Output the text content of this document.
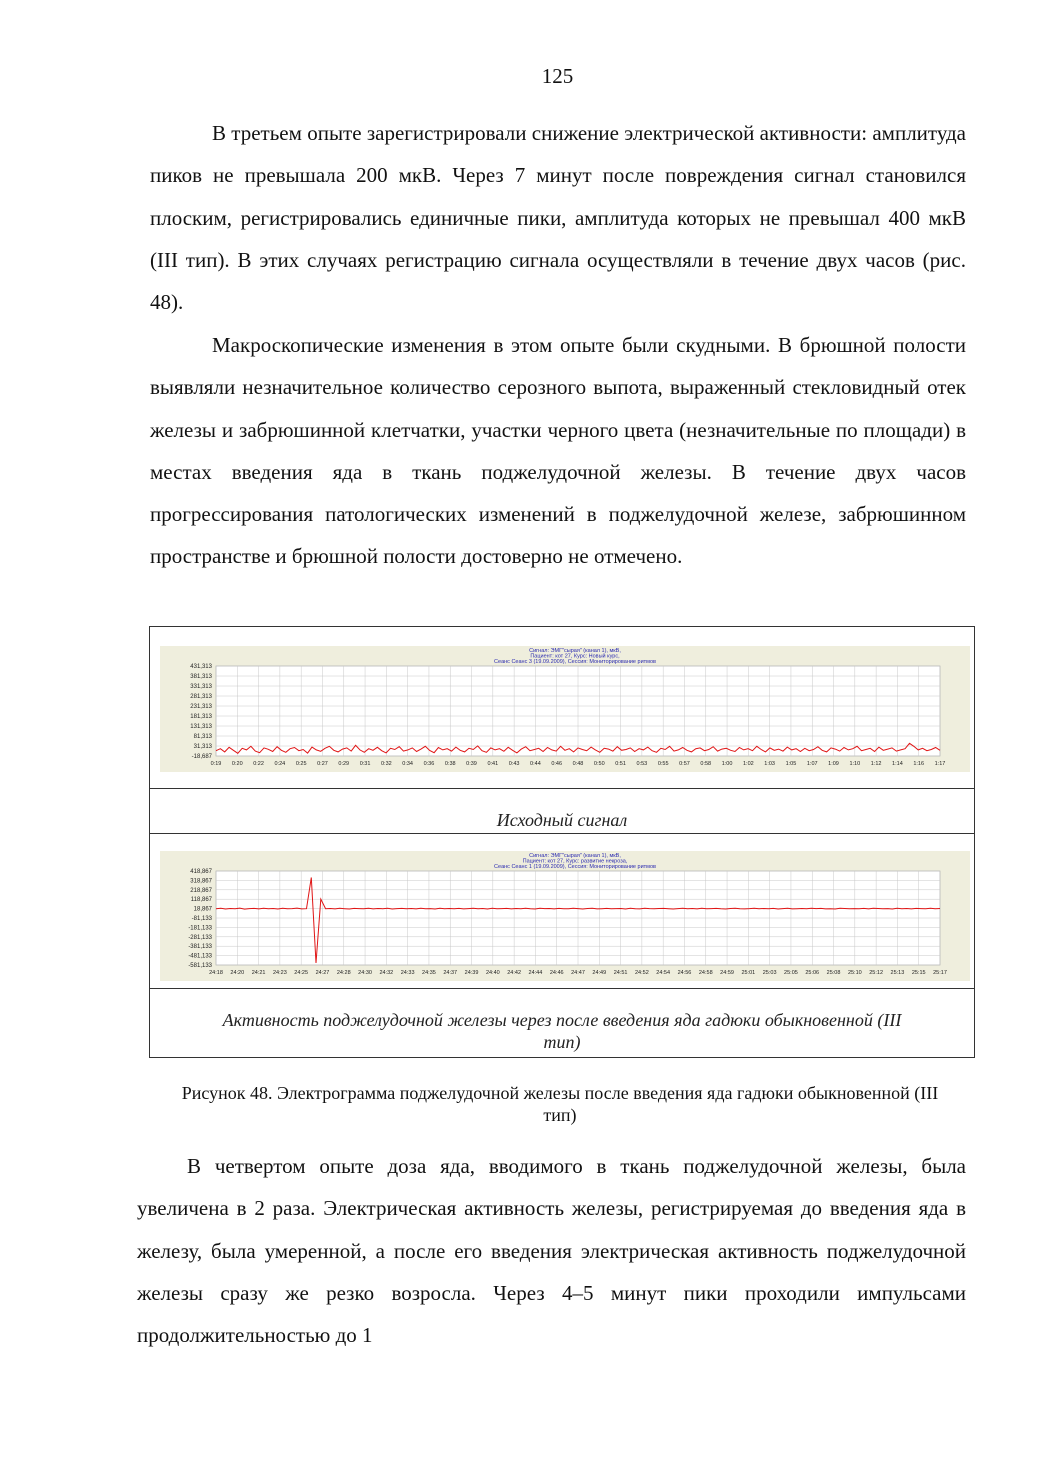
125

В третьем опыте зарегистрировали снижение электрической активности: амплитуда пиков не превышала 200 мкВ. Через 7 минут после повреждения сигнал становился плоским, регистрировались единичные пики, амплитуда которых не превышал 400 мкВ (III тип). В этих случаях регистрацию сигнала осуществляли в течение двух часов (рис. 48).

Макроскопические изменения в этом опыте были скудными. В брюшной полости выявляли незначительное количество серозного выпота, выраженный стекловидный отек железы и забрюшинной клетчатки, участки черного цвета (незначительные по площади) в местах введения яда в ткань поджелудочной железы. В течение двух часов прогрессирования патологических изменений в поджелудочной железе, забрюшинном пространстве и брюшной полости достоверно не отмечено.

Сигнал: ЭМГ"сырая" (канал 1), мкВ,
Пациент: кот 27, Курс: Новый курс,
Сеанс Сеанс 3 (19.09.2009), Сессия: Мониторирование ритмов
431,313
381,313
331,313
281,313
231,313
181,313
131,313
81,313
31,313
-18,687
0:19 0:20 0:22 0:24 0:25 0:27 0:29 0:31 0:32 0:34 0:36 0:38 0:39 0:41 0:43 0:44 0:46 0:48 0:50 0:51 0:53 0:55 0:57 0:58 1:00 1:02 1:03 1:05 1:07 1:09 1:10 1:12 1:14 1:16 1:17
Исходный сигнал
Сигнал: ЭМГ"сырая" (канал 1), мкВ,
Пациент: кот 27, Курс: развитие некроза,
Сеанс Сеанс 1 (19.09.2009), Сессия: Мониторирование ритмов
418,867
318,867
218,867
118,867
18,867
-81,133
-181,133
-281,133
-381,133
-481,133
-581,133
24:18 24:20 24:21 24:23 24:25 24:27 24:28 24:30 24:32 24:33 24:35 24:37 24:39 24:40 24:42 24:44 24:46 24:47 24:49 24:51 24:52 24:54 24:56 24:58 24:59 25:01 25:03 25:05 25:06 25:08 25:10 25:12 25:13 25:15 25:17
Активность поджелудочной железы через после введения яда гадюки обыкновенной (III тип)
Рисунок 48. Электрограмма поджелудочной железы после введения яда гадюки обыкновенной (III тип)

В четвертом опыте доза яда, вводимого в ткань поджелудочной железы, была увеличена в 2 раза. Электрическая активность железы, регистрируемая до введения яда в железу, была умеренной, а после его введения электрическая активность поджелудочной железы сразу же резко возросла. Через 4–5 минут пики проходили импульсами продолжительностью до 1
